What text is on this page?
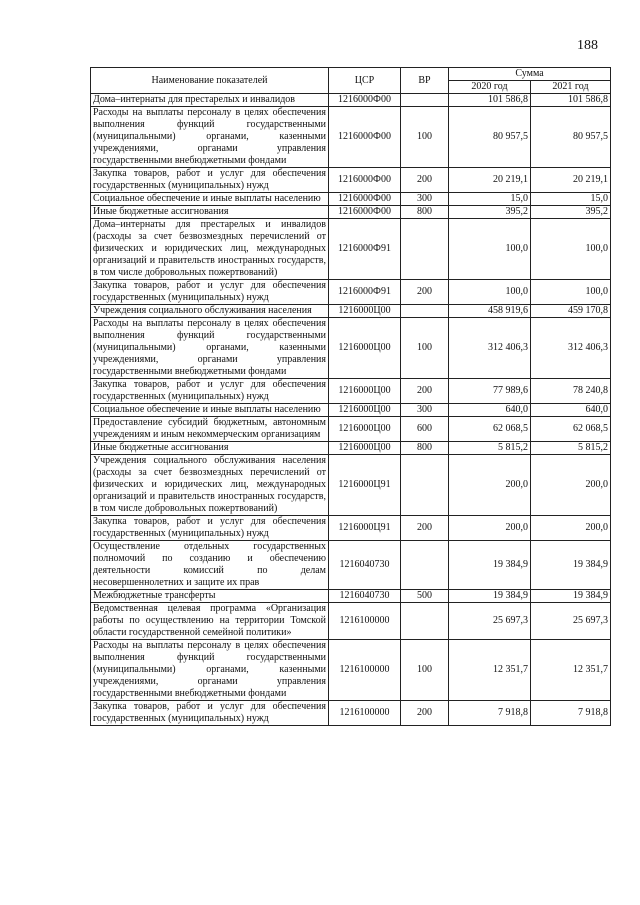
188
Наименование показателей	ЦСР	ВР	Сумма	
			2020 год	2021 год
Дома–интернаты для престарелых и инвалидов	1216000Ф00		101 586,8	101 586,8
Расходы на выплаты персоналу в целях обеспечения выполнения функций государственными (муниципальными) органами, казенными учреждениями, органами управления государственными внебюджетными фондами	1216000Ф00	100	80 957,5	80 957,5
Закупка товаров, работ и услуг для обеспечения государственных (муниципальных) нужд	1216000Ф00	200	20 219,1	20 219,1
Социальное обеспечение и иные выплаты населению	1216000Ф00	300	15,0	15,0
Иные бюджетные ассигнования	1216000Ф00	800	395,2	395,2
Дома–интернаты для престарелых и инвалидов (расходы за счет безвозмездных перечислений от физических и юридических лиц, международных организаций и правительств иностранных государств, в том числе добровольных пожертвований)	1216000Ф91		100,0	100,0
Закупка товаров, работ и услуг для обеспечения государственных (муниципальных) нужд	1216000Ф91	200	100,0	100,0
Учреждения социального обслуживания населения	1216000Ц00		458 919,6	459 170,8
Расходы на выплаты персоналу в целях обеспечения выполнения функций государственными (муниципальными) органами, казенными учреждениями, органами управления государственными внебюджетными фондами	1216000Ц00	100	312 406,3	312 406,3
Закупка товаров, работ и услуг для обеспечения государственных (муниципальных) нужд	1216000Ц00	200	77 989,6	78 240,8
Социальное обеспечение и иные выплаты населению	1216000Ц00	300	640,0	640,0
Предоставление субсидий бюджетным, автономным учреждениям и иным некоммерческим организациям	1216000Ц00	600	62 068,5	62 068,5
Иные бюджетные ассигнования	1216000Ц00	800	5 815,2	5 815,2
Учреждения социального обслуживания населения (расходы за счет безвозмездных перечислений от физических и юридических лиц, международных организаций и правительств иностранных государств, в том числе добровольных пожертвований)	1216000Ц91		200,0	200,0
Закупка товаров, работ и услуг для обеспечения государственных (муниципальных) нужд	1216000Ц91	200	200,0	200,0
Осуществление отдельных государственных полномочий по созданию и обеспечению деятельности комиссий по делам несовершеннолетних и защите их прав	1216040730		19 384,9	19 384,9
Межбюджетные трансферты	1216040730	500	19 384,9	19 384,9
Ведомственная целевая программа «Организация работы по осуществлению на территории Томской области государственной семейной политики»	1216100000		25 697,3	25 697,3
Расходы на выплаты персоналу в целях обеспечения выполнения функций государственными (муниципальными) органами, казенными учреждениями, органами управления государственными внебюджетными фондами	1216100000	100	12 351,7	12 351,7
Закупка товаров, работ и услуг для обеспечения государственных (муниципальных) нужд	1216100000	200	7 918,8	7 918,8
